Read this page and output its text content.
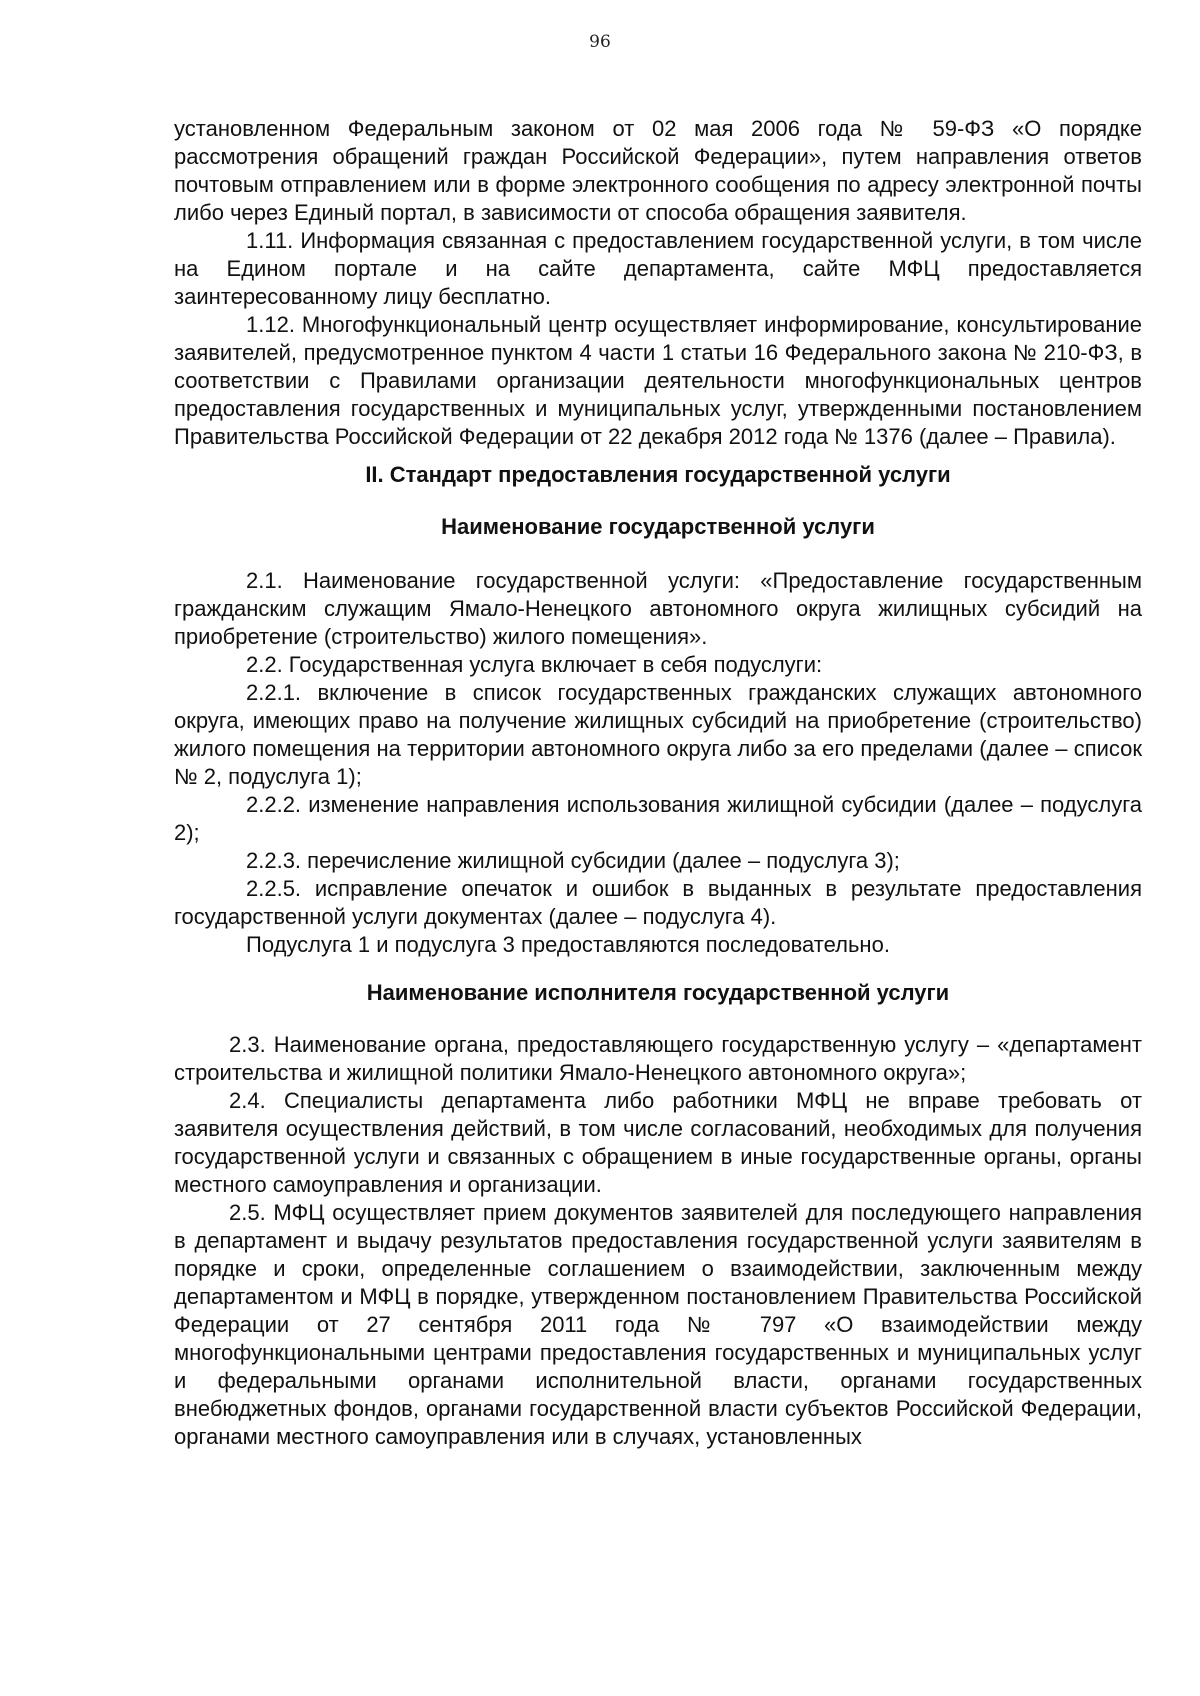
96

установленном Федеральным законом от 02 мая 2006 года № 59-ФЗ «О порядке рассмотрения обращений граждан Российской Федерации», путем направления ответов почтовым отправлением или в форме электронного сообщения по адресу электронной почты либо через Единый портал, в зависимости от способа обращения заявителя.

1.11. Информация связанная с предоставлением государственной услуги, в том числе на Едином портале и на сайте департамента, сайте МФЦ предоставляется заинтересованному лицу бесплатно.

1.12. Многофункциональный центр осуществляет информирование, консультирование заявителей, предусмотренное пунктом 4 части 1 статьи 16 Федерального закона № 210-ФЗ, в соответствии с Правилами организации деятельности многофункциональных центров предоставления государственных и муниципальных услуг, утвержденными постановлением Правительства Российской Федерации от 22 декабря 2012 года № 1376 (далее – Правила).

II. Стандарт предоставления государственной услуги

Наименование государственной услуги

2.1. Наименование государственной услуги: «Предоставление государственным гражданским служащим Ямало-Ненецкого автономного округа жилищных субсидий на приобретение (строительство) жилого помещения».

2.2. Государственная услуга включает в себя подуслуги:

2.2.1. включение в список государственных гражданских служащих автономного округа, имеющих право на получение жилищных субсидий на приобретение (строительство) жилого помещения на территории автономного округа либо за его пределами (далее – список № 2, подуслуга 1);

2.2.2. изменение направления использования жилищной субсидии (далее – подуслуга 2);

2.2.3. перечисление жилищной субсидии (далее – подуслуга 3);

2.2.5. исправление опечаток и ошибок в выданных в результате предоставления государственной услуги документах (далее – подуслуга 4).

Подуслуга 1 и подуслуга 3 предоставляются последовательно.

Наименование исполнителя государственной услуги

2.3. Наименование органа, предоставляющего государственную услугу – «департамент строительства и жилищной политики Ямало-Ненецкого автономного округа»;

2.4. Специалисты департамента либо работники МФЦ не вправе требовать от заявителя осуществления действий, в том числе согласований, необходимых для получения государственной услуги и связанных с обращением в иные государственные органы, органы местного самоуправления и организации.

2.5. МФЦ осуществляет прием документов заявителей для последующего направления в департамент и выдачу результатов предоставления государственной услуги заявителям в порядке и сроки, определенные соглашением о взаимодействии, заключенным между департаментом и МФЦ в порядке, утвержденном постановлением Правительства Российской Федерации от 27 сентября 2011 года № 797 «О взаимодействии между многофункциональными центрами предоставления государственных и муниципальных услуг и федеральными органами исполнительной власти, органами государственных внебюджетных фондов, органами государственной власти субъектов Российской Федерации, органами местного самоуправления или в случаях, установленных
